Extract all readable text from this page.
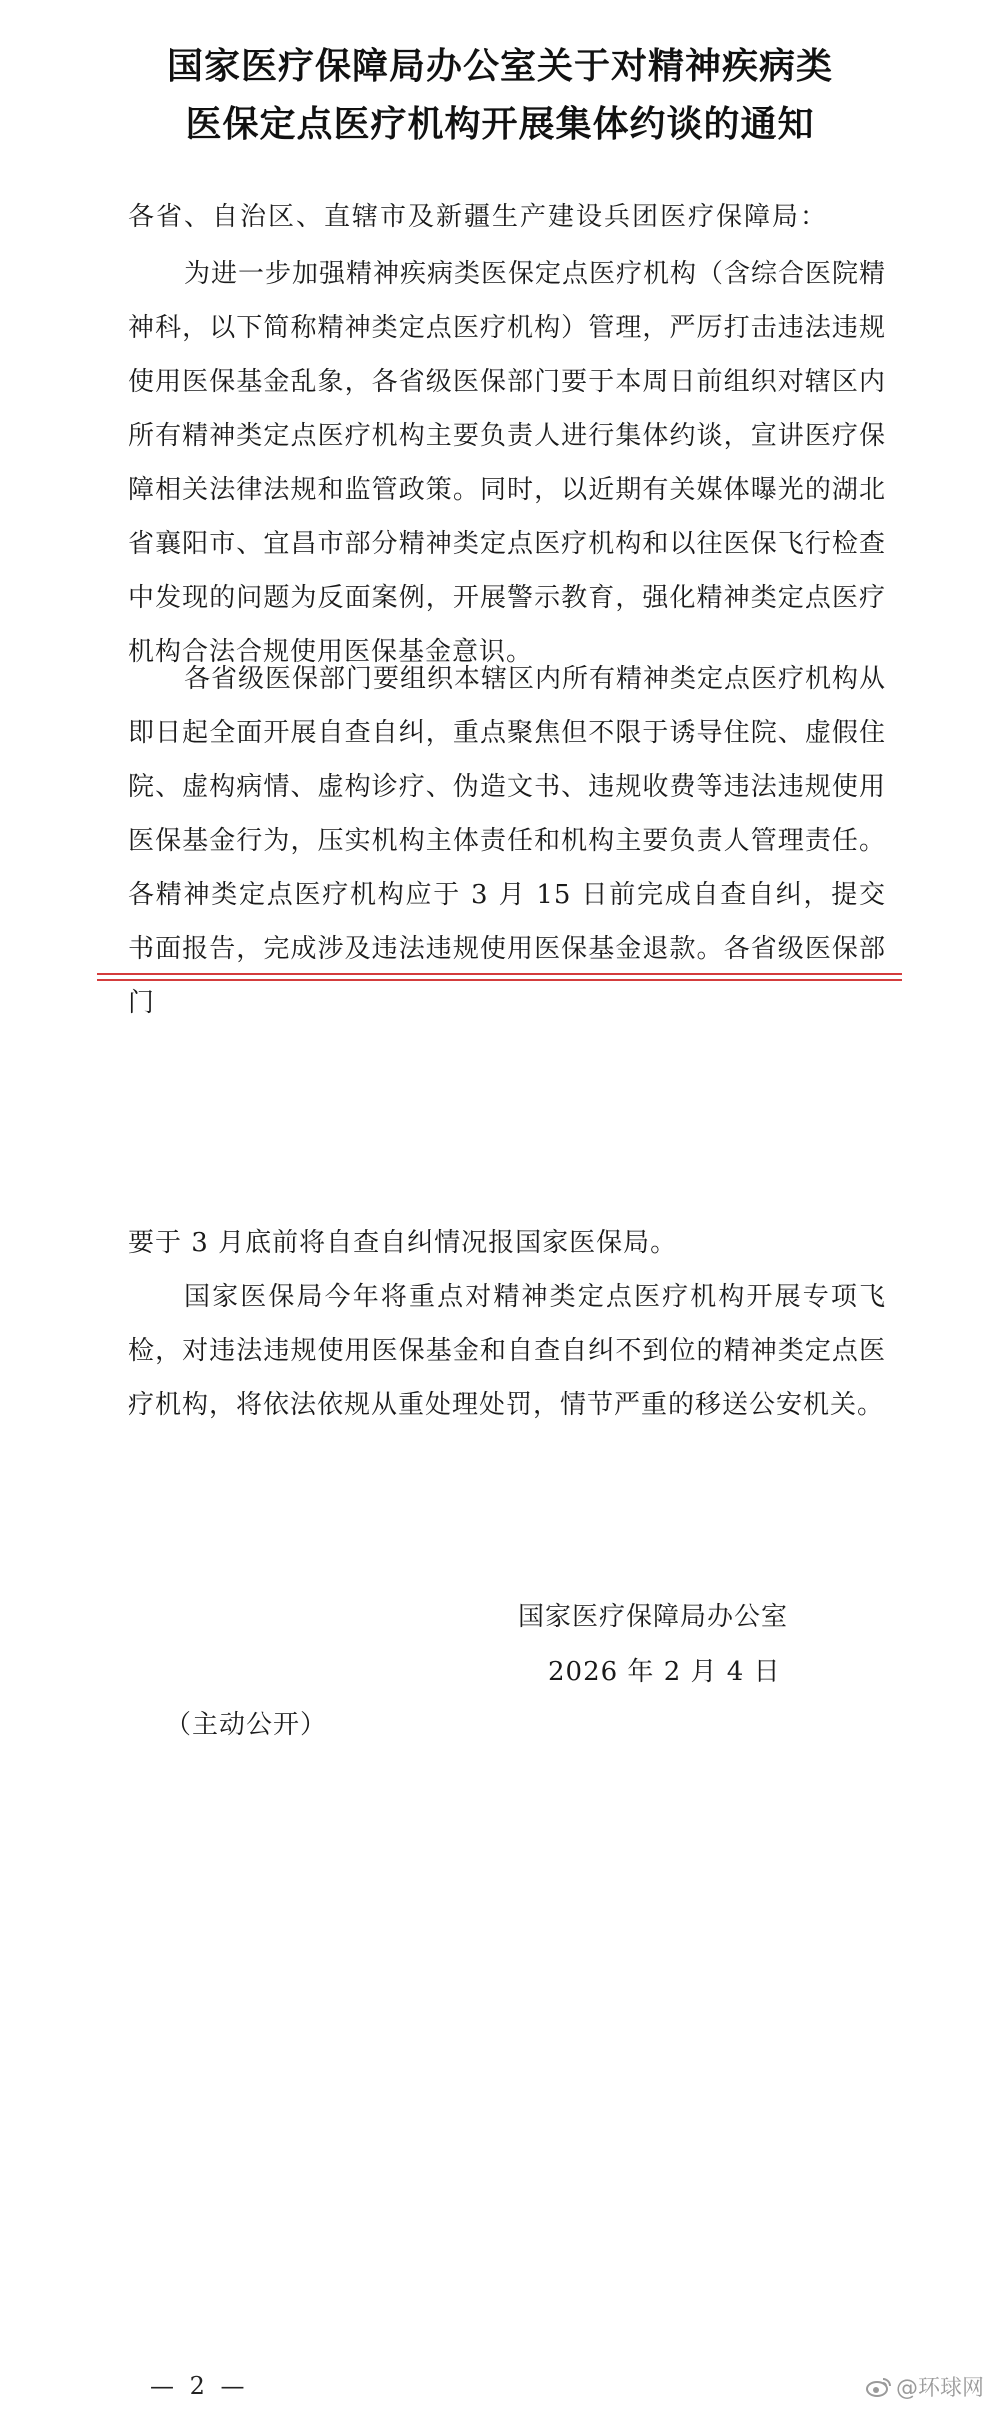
国家医疗保障局办公室关于对精神疾病类
医保定点医疗机构开展集体约谈的通知
各省、自治区、直辖市及新疆生产建设兵团医疗保障局：

为进一步加强精神疾病类医保定点医疗机构（含综合医院精神科，以下简称精神类定点医疗机构）管理，严厉打击违法违规使用医保基金乱象，各省级医保部门要于本周日前组织对辖区内所有精神类定点医疗机构主要负责人进行集体约谈，宣讲医疗保障相关法律法规和监管政策。同时，以近期有关媒体曝光的湖北省襄阳市、宜昌市部分精神类定点医疗机构和以往医保飞行检查中发现的问题为反面案例，开展警示教育，强化精神类定点医疗机构合法合规使用医保基金意识。

各省级医保部门要组织本辖区内所有精神类定点医疗机构从即日起全面开展自查自纠，重点聚焦但不限于诱导住院、虚假住院、虚构病情、虚构诊疗、伪造文书、违规收费等违法违规使用医保基金行为，压实机构主体责任和机构主要负责人管理责任。各精神类定点医疗机构应于 3 月 15 日前完成自查自纠，提交书面报告，完成涉及违法违规使用医保基金退款。各省级医保部门

要于 3 月底前将自查自纠情况报国家医保局。

国家医保局今年将重点对精神类定点医疗机构开展专项飞检，对违法违规使用医保基金和自查自纠不到位的精神类定点医疗机构，将依法依规从重处理处罚，情节严重的移送公安机关。

国家医疗保障局办公室
2026 年 2 月 4 日
（主动公开）
— 2 —	@环球网
